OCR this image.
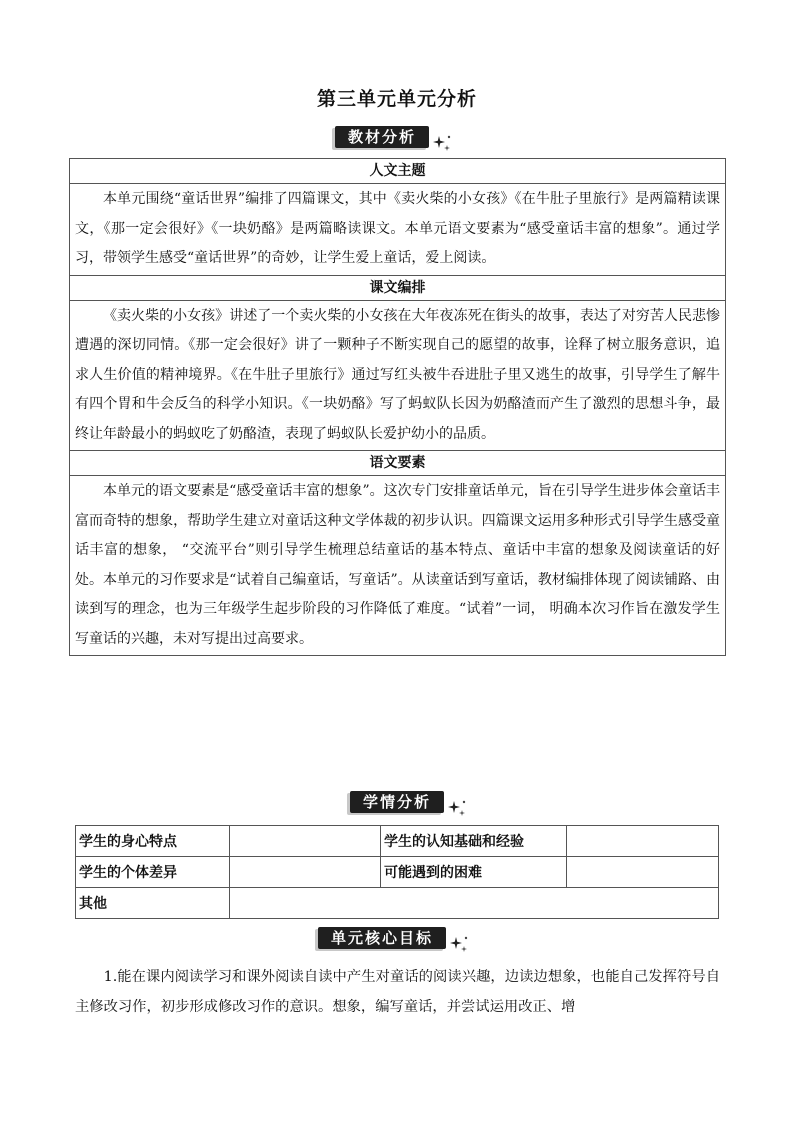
第三单元单元分析
教材分析
人文主题
本单元围绕“童话世界”编排了四篇课文，其中《卖火柴的小女孩》《在牛肚子里旅行》是两篇精读课文，《那一定会很好》《一块奶酪》是两篇略读课文。本单元语文要素为“感受童话丰富的想象”。通过学习，带领学生感受“童话世界”的奇妙，让学生爱上童话，爱上阅读。
课文编排
《卖火柴的小女孩》讲述了一个卖火柴的小女孩在大年夜冻死在街头的故事，表达了对穷苦人民悲惨遭遇的深切同情。《那一定会很好》讲了一颗种子不断实现自己的愿望的故事，诠释了树立服务意识，追求人生价值的精神境界。《在牛肚子里旅行》通过写红头被牛吞进肚子里又逃生的故事，引导学生了解牛有四个胃和牛会反刍的科学小知识。《一块奶酪》写了蚂蚁队长因为奶酪渣而产生了激烈的思想斗争，最终让年龄最小的蚂蚁吃了奶酪渣，表现了蚂蚁队长爱护幼小的品质。
语文要素
本单元的语文要素是“感受童话丰富的想象”。这次专门安排童话单元，旨在引导学生进步体会童话丰富而奇特的想象，帮助学生建立对童话这种文学体裁的初步认识。四篇课文运用多种形式引导学生感受童话丰富的想象， “交流平台”则引导学生梳理总结童话的基本特点、童话中丰富的想象及阅读童话的好处。本单元的习作要求是“试着自己编童话，写童话”。从读童话到写童话，教材编排体现了阅读铺路、由读到写的理念，也为三年级学生起步阶段的习作降低了难度。“试着”一词， 明确本次习作旨在激发学生写童话的兴趣，未对写提出过高要求。
学情分析
学生的身心特点		学生的认知基础和经验	
学生的个体差异		可能遇到的困难	
其他			
单元核心目标
1.能在课内阅读学习和课外阅读自读中产生对童话的阅读兴趣，边读边想象，也能自己发挥符号自主修改习作，初步形成修改习作的意识。想象，编写童话，并尝试运用改正、增
